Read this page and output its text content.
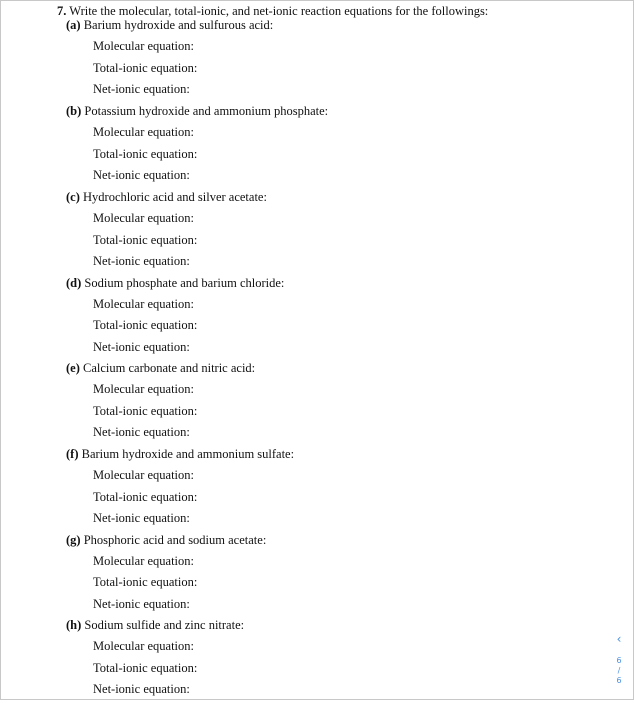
7. Write the molecular, total-ionic, and net-ionic reaction equations for the followings:
(a) Barium hydroxide and sulfurous acid:
Molecular equation:
Total-ionic equation:
Net-ionic equation:
(b) Potassium hydroxide and ammonium phosphate:
Molecular equation:
Total-ionic equation:
Net-ionic equation:
(c) Hydrochloric acid and silver acetate:
Molecular equation:
Total-ionic equation:
Net-ionic equation:
(d) Sodium phosphate and barium chloride:
Molecular equation:
Total-ionic equation:
Net-ionic equation:
(e) Calcium carbonate and nitric acid:
Molecular equation:
Total-ionic equation:
Net-ionic equation:
(f) Barium hydroxide and ammonium sulfate:
Molecular equation:
Total-ionic equation:
Net-ionic equation:
(g) Phosphoric acid and sodium acetate:
Molecular equation:
Total-ionic equation:
Net-ionic equation:
(h) Sodium sulfide and zinc nitrate:
Molecular equation:
Total-ionic equation:
Net-ionic equation:
‹
6
/
6
